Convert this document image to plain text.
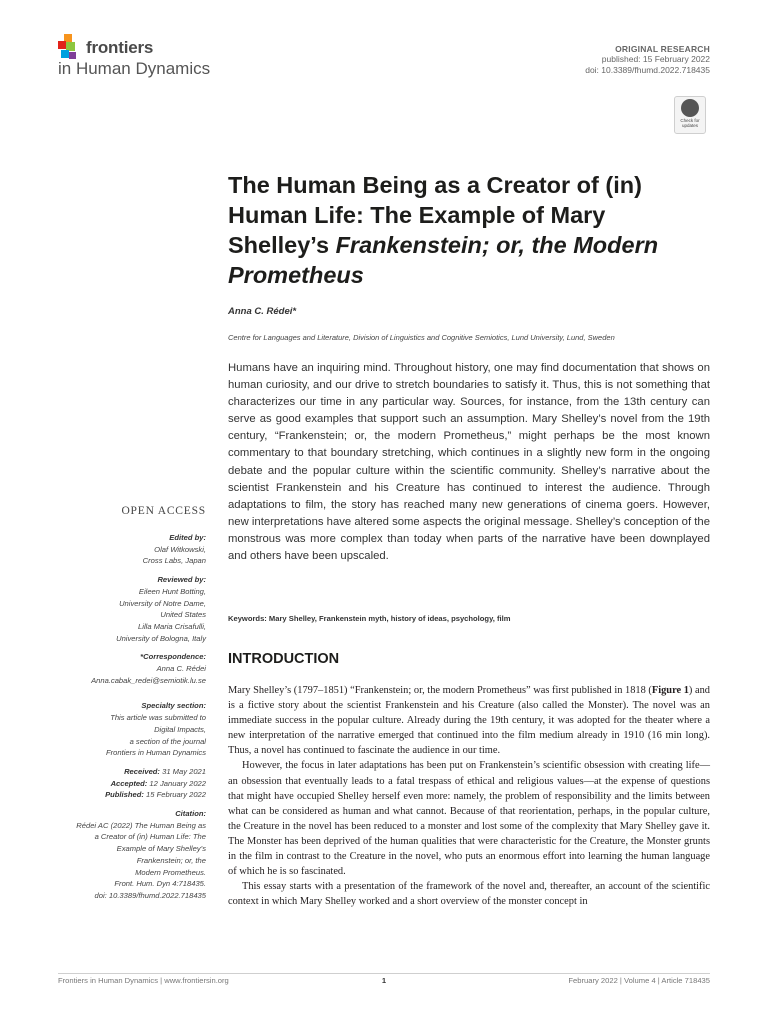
frontiers
in Human Dynamics
ORIGINAL RESEARCH
published: 15 February 2022
doi: 10.3389/fhumd.2022.718435
Check for updates
The Human Being as a Creator of (in)
Human Life: The Example of Mary
Shelley’s Frankenstein; or, the Modern
Prometheus
Anna C. Rédei*
Centre for Languages and Literature, Division of Linguistics and Cognitive Semiotics, Lund University, Lund, Sweden
Humans have an inquiring mind. Throughout history, one may find documentation that shows on human curiosity, and our drive to stretch boundaries to satisfy it. Thus, this is not something that characterizes our time in any particular way. Sources, for instance, from the 13th century can serve as good examples that support such an assumption. Mary Shelley’s novel from the 19th century, “Frankenstein; or, the modern Prometheus,” might perhaps be the most known commentary to that boundary stretching, which continues in a slightly new form in the ongoing debate and the popular culture within the scientific community. Shelley’s narrative about the scientist Frankenstein and his Creature has continued to interest the audience. Through adaptations to film, the story has reached many new generations of cinema goers. However, new interpretations have altered some aspects the original message. Shelley’s conception of the monstrous was more complex than today when parts of the narrative have been downplayed and others have been upscaled.
Keywords: Mary Shelley, Frankenstein myth, history of ideas, psychology, film
INTRODUCTION

Mary Shelley’s (1797–1851) “Frankenstein; or, the modern Prometheus” was first published in 1818 (Figure 1) and is a fictive story about the scientist Frankenstein and his Creature (also called the Monster). The novel was an immediate success in the popular culture. Already during the 19th century, it was adopted for the theater where a new interpretation of the narrative emerged that continued into the film medium already in 1910 (16 min long). Thus, a novel has continued to fascinate the audience in our time.

However, the focus in later adaptations has been put on Frankenstein’s scientific obsession with creating life—an obsession that eventually leads to a fatal trespass of ethical and religious values—at the expense of questions that might have occupied Shelley herself even more: namely, the problem of responsibility and the limits between what can be considered as human and what cannot. Because of that reorientation, perhaps, in the popular culture, the Creature in the novel has been reduced to a monster and lost some of the complexity that Mary Shelley gave it. The Monster has been deprived of the human qualities that were characteristic for the Creature, the Monster grunts in the film in contrast to the Creature in the novel, who puts an enormous effort into learning the human language of which he is so fascinated.

This essay starts with a presentation of the framework of the novel and, thereafter, an account of the scientific context in which Mary Shelley worked and a short overview of the monster concept in

OPEN ACCESS
Edited by:
Olaf Witkowski,
Cross Labs, Japan
Reviewed by:
Eileen Hunt Botting,
University of Notre Dame,
United States
Lilla Maria Crisafulli,
University of Bologna, Italy
*Correspondence:
Anna C. Rédei
Anna.cabak_redei@semiotik.lu.se
Specialty section:
This article was submitted to
Digital Impacts,
a section of the journal
Frontiers in Human Dynamics
Received: 31 May 2021
Accepted: 12 January 2022
Published: 15 February 2022
Citation:
Rédei AC (2022) The Human Being as
a Creator of (in) Human Life: The
Example of Mary Shelley’s
Frankenstein; or, the
Modern Prometheus.
Front. Hum. Dyn 4:718435.
doi: 10.3389/fhumd.2022.718435
Frontiers in Human Dynamics | www.frontiersin.org	1	February 2022 | Volume 4 | Article 718435
